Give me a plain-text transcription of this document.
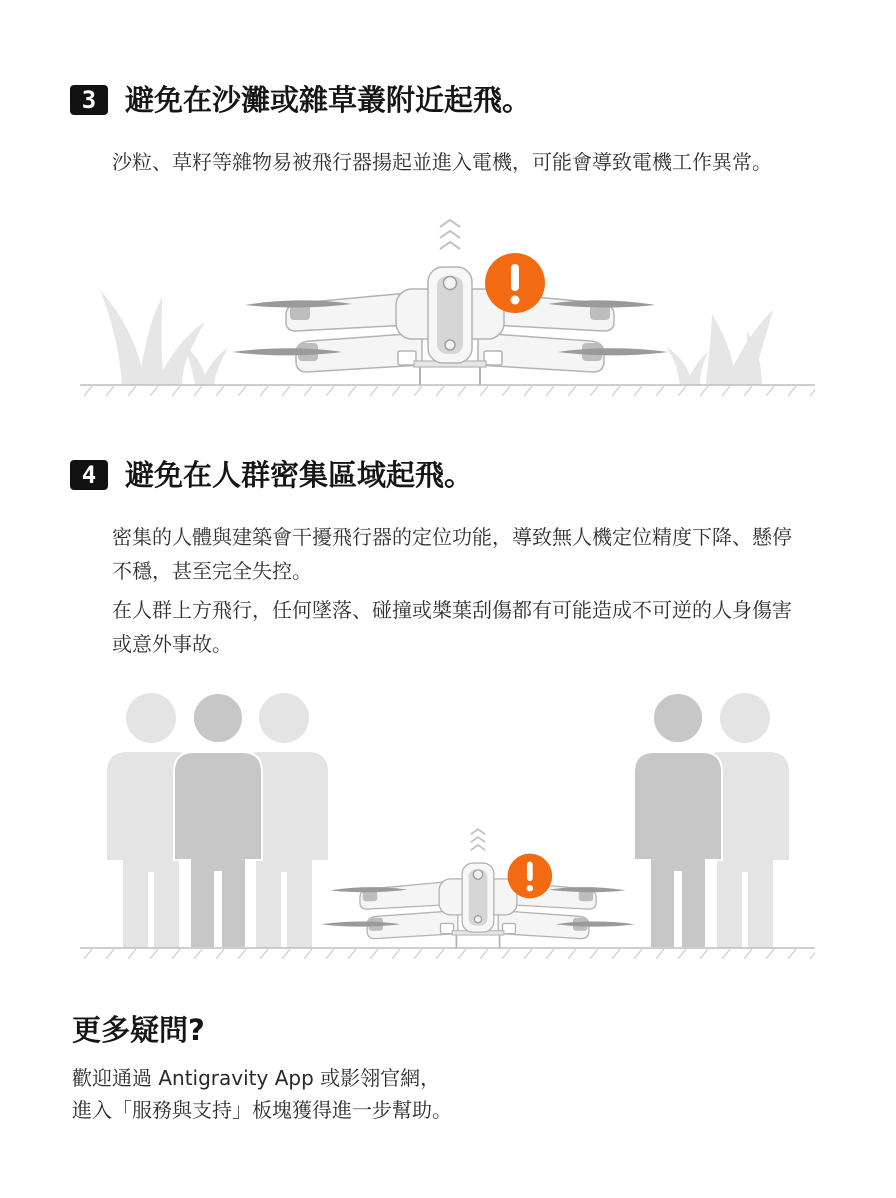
3 避免在沙灘或雜草叢附近起飛。
沙粒、草籽等雜物易被飛行器揚起並進入電機，可能會導致電機工作異常。
4 避免在人群密集區域起飛。
密集的人體與建築會干擾飛行器的定位功能，導致無人機定位精度下降、懸停
不穩，甚至完全失控。
在人群上方飛行，任何墜落、碰撞或槳葉刮傷都有可能造成不可逆的人身傷害
或意外事故。
更多疑問?
歡迎通過 Antigravity App 或影翎官網，
進入「服務與支持」板塊獲得進一步幫助。
